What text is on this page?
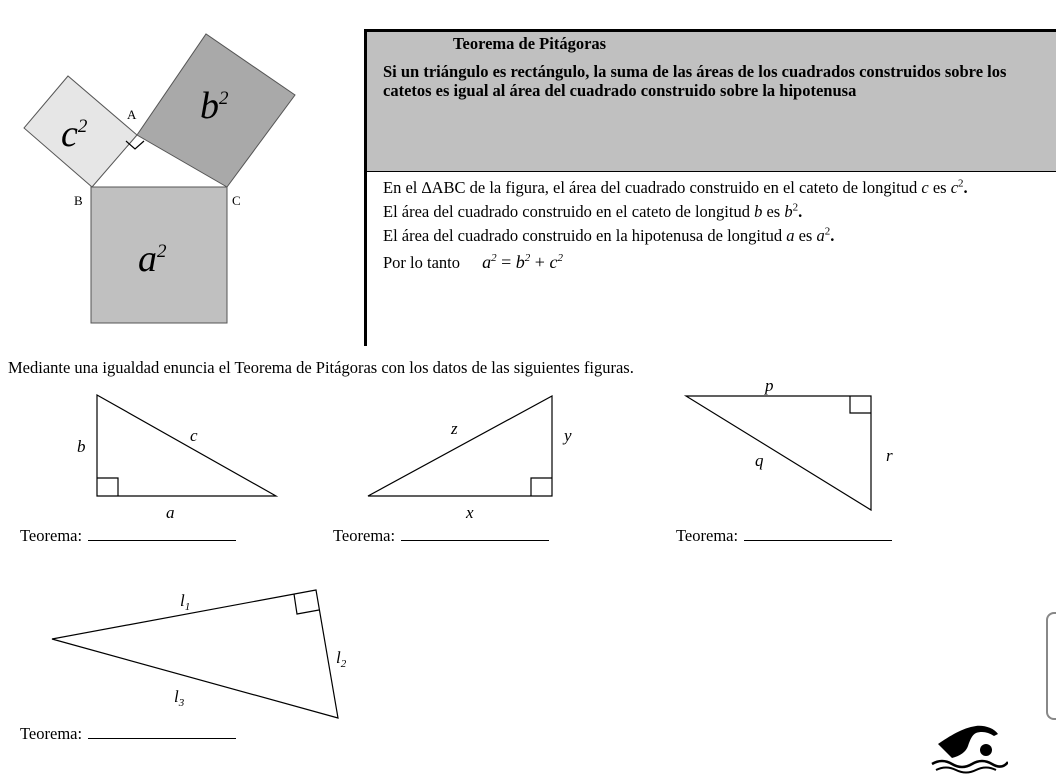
A
B	C
$c^2$	$b^2$
$a^2$
Teorema de Pitágoras
Si un triángulo es rectángulo, la suma de las áreas de los cuadrados construidos sobre los catetos es igual al área del cuadrado construido sobre la hipotenusa

En el ∆ABC de la figura, el área del cuadrado construido en el cateto de longitud c es $c^2$.

El área del cuadrado construido en el cateto de longitud b es $b^2$.

El área del cuadrado construido en la hipotenusa de longitud a es $a^2$.

Por lo tanto $a^2 = b^2 + c^2$

Mediante una igualdad enuncia el Teorema de Pitágoras con los datos de las siguientes figuras.
b
c
a
z	y
x
p
q	r
$l_1$
$l_2$
$l_3$
Teorema:	Teorema:	Teorema:
Teorema:
